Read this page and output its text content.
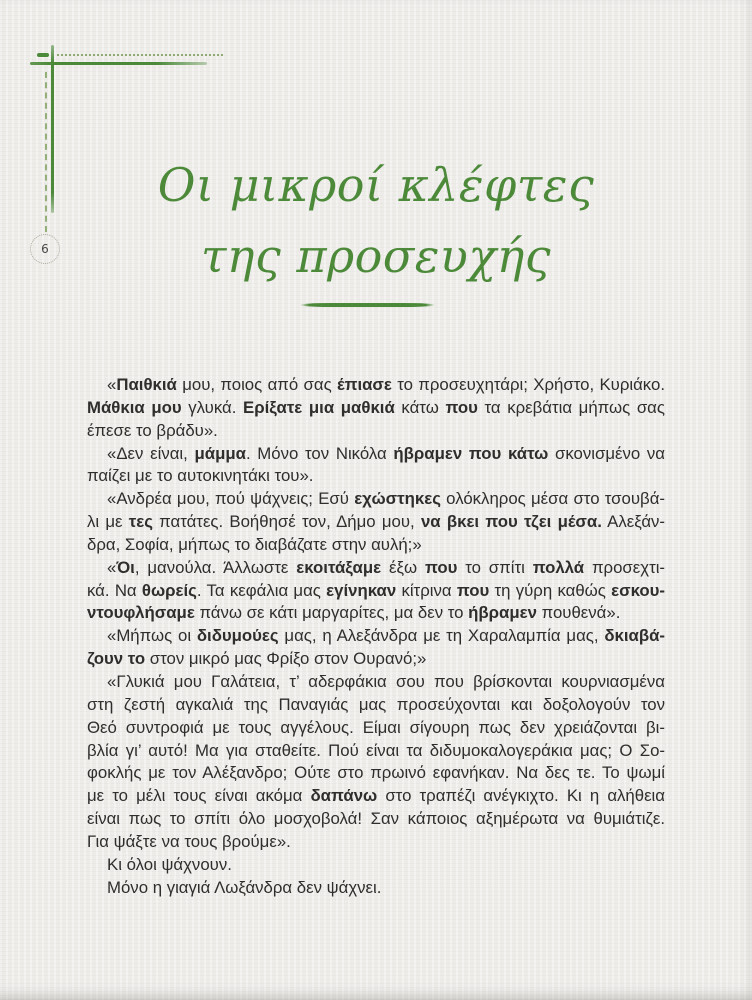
6
Οι μικροί κλέφτες
της προσευχής
«Παιθκιά μου, ποιος από σας έπιασε το προσευχητάρι; Χρήστο, Κυριάκο.
Μάθκια μου γλυκά. Ερίξατε μια μαθκιά κάτω που τα κρεβάτια μήπως σας
έπεσε το βράδυ».
«Δεν είναι, μάμμα. Μόνο τον Νικόλα ήβραμεν που κάτω σκονισμένο να
παίζει με το αυτοκινητάκι του».
«Ανδρέα μου, πού ψάχνεις; Εσύ εχώστηκες ολόκληρος μέσα στο τσουβά-
λι με τες πατάτες. Βοήθησέ τον, Δήμο μου, να βκει που τζει μέσα. Αλεξάν-
δρα, Σοφία, μήπως το διαβάζατε στην αυλή;»
«Όι, μανούλα. Άλλωστε εκοιτάξαμε έξω που το σπίτι πολλά προσεχτι-
κά. Να θωρείς. Τα κεφάλια μας εγίνηκαν κίτρινα που τη γύρη καθώς εσκου-
ντουφλήσαμε πάνω σε κάτι μαργαρίτες, μα δεν το ήβραμεν πουθενά».
«Μήπως οι διδυμούες μας, η Αλεξάνδρα με τη Χαραλαμπία μας, δκιαβά-
ζουν το στον μικρό μας Φρίξο στον Ουρανό;»
«Γλυκιά μου Γαλάτεια, τ’ αδερφάκια σου που βρίσκονται κουρνιασμένα
στη ζεστή αγκαλιά της Παναγιάς μας προσεύχονται και δοξολογούν τον
Θεό συντροφιά με τους αγγέλους. Είμαι σίγουρη πως δεν χρειάζονται βι-
βλία γι’ αυτό! Μα για σταθείτε. Πού είναι τα διδυμοκαλογεράκια μας; Ο Σο-
φοκλής με τον Αλέξανδρο; Ούτε στο πρωινό εφανήκαν. Να δες τε. Το ψωμί
με το μέλι τους είναι ακόμα δαπάνω στο τραπέζι ανέγκιχτο. Κι η αλήθεια
είναι πως το σπίτι όλο μοσχοβολά! Σαν κάποιος αξημέρωτα να θυμιάτιζε.
Για ψάξτε να τους βρούμε».
Κι όλοι ψάχνουν.
Μόνο η γιαγιά Λωξάνδρα δεν ψάχνει.
